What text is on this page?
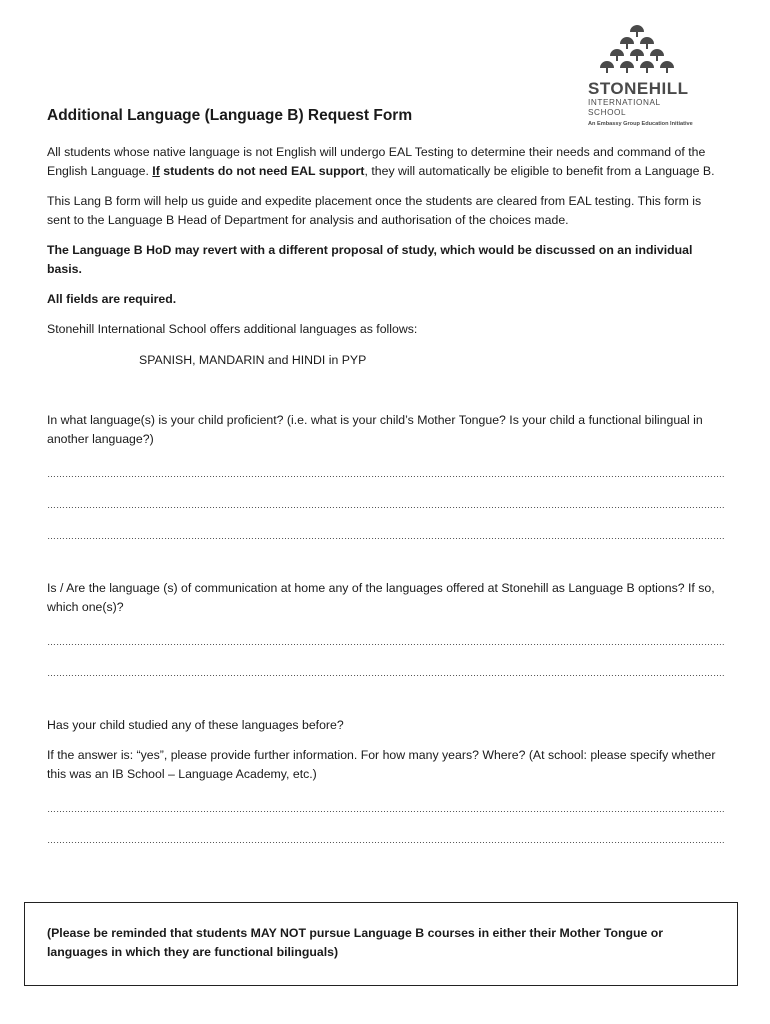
STONEHILL
INTERNATIONAL SCHOOL
An Embassy Group Education Initiative
Additional Language (Language B) Request Form

All students whose native language is not English will undergo EAL Testing to determine their needs and command of the English Language. If students do not need EAL support, they will automatically be eligible to benefit from a Language B.

This Lang B form will help us guide and expedite placement once the students are cleared from EAL testing. This form is sent to the Language B Head of Department for analysis and authorisation of the choices made.

The Language B HoD may revert with a different proposal of study, which would be discussed on an individual basis.

All fields are required.

Stonehill International School offers additional languages as follows:

SPANISH, MANDARIN and HINDI in PYP

In what language(s) is your child proficient? (i.e. what is your child’s Mother Tongue? Is your child a functional bilingual in another language?)

……………………………………………………………………………………………………………………………………………………………………………………………………….
……………………………………………………………………………………………………………………………………………………………………………………………………….
……………………………………………………………………………………………………………………………………………………………………………………………………….

Is / Are the language (s) of communication at home any of the languages offered at Stonehill as Language B options? If so, which one(s)?

……………………………………………………………………………………………………………………………………………………………………………………………………….
……………………………………………………………………………………………………………………………………………………………………………………………………….

Has your child studied any of these languages before?

If the answer is: “yes”, please provide further information. For how many years? Where? (At school: please specify whether this was an IB School – Language Academy, etc.)

……………………………………………………………………………………………………………………………………………………………………………………………………….
……………………………………………………………………………………………………………………………………………………………………………………………………….
(Please be reminded that students MAY NOT pursue Language B courses in either their Mother Tongue or languages in which they are functional bilinguals)
